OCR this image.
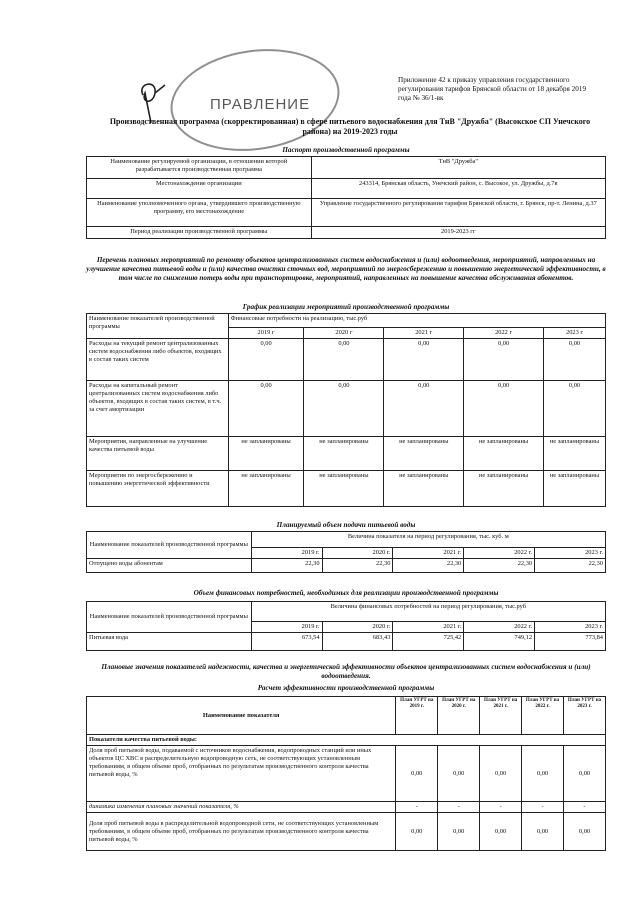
ПРАВЛЕНИЕ
Приложение 42 к приказу управления государственного регулирования тарифов Брянской области от 18 декабря 2019 года № 36/1-вк
Производственная программа (скорректированная) в сфере питьевого водоснабжения для ТнВ "Дружба" (Высокское СП Унечского района) на 2019-2023 годы
Паспорт производственной программы
Наименование регулируемой организации, в отношении которой разрабатывается производственная программа	ТнВ "Дружба"
Местонахождение организации	243314, Брянская область, Унечский район, с. Высокое, ул. Дружбы, д.7в
Наименование уполномоченного органа, утвердившего производственную программу, его местонахождение	Управление государственного регулирования тарифов Брянской области, г. Брянск, пр-т. Ленина, д.37
Период реализации производственной программы	2019-2023 гг
Перечень плановых мероприятий по ремонту объектов централизованных систем водоснабжения и (или) водоотведения, мероприятий, направленных на улучшение качества питьевой воды и (или) качества очистки сточных вод, мероприятий по энергосбережению и повышению энергетической эффективности, в том числе по снижению потерь воды при транспортировке, мероприятий, направленных на повышение качества обслуживания абонентов.
График реализации мероприятий производственной программы
Наименование показателей производственной программы	Финансовые потребности на реализацию, тыс.руб				
	2019 г	2020 г	2021 г	2022 г	2023 г
Расходы на текущий ремонт централизованных систем водоснабжения либо объектов, входящих в состав таких систем	0,00	0,00	0,00	0,00	0,00
Расходы на капитальный ремонт централизованных систем водоснабжения либо объектов, входящих в состав таких систем, в т.ч. за счет амортизации	0,00	0,00	0,00	0,00	0,00
Мероприятия, направленные на улучшение качества питьевой воды	не запланированы	не запланированы	не запланированы	не запланированы	не запланированы
Мероприятия по энергосбережению и повышению энергетической эффективности	не запланированы	не запланированы	не запланированы	не запланированы	не запланированы
Планируемый объем подачи питьевой воды
Наименование показателей производственной программы	Величина показателя на период регулирования, тыс. куб. м				
	2019 г.	2020 г.	2021 г.	2022 г.	2023 г.
Отпущено воды абонентам	22,30	22,30	22,30	22,30	22,30
Объем финансовых потребностей, необходимых для реализации производственной программы
Наименование показателей производственной программы	Величина финансовых потребностей на период регулирования, тыс.руб				
	2019 г.	2020 г.	2021 г.	2022 г.	2023 г.
Питьевая вода	673,54	683,43	725,42	749,12	773,84
Плановые значения показателей надежности, качества и энергетической эффективности объектов централизованных систем водоснабжения и (или) водоотведения.
Расчет эффективности производственной программы
Наименование показателя	План УГРТ на 2019 г.	План УГРТ на 2020 г.	План УГРТ на 2021 г.	План УГРТ на 2022 г.	План УГРТ на 2023 г.
Показатели качества питьевой воды:					
Доля проб питьевой воды, подаваемой с источников водоснабжения, водопроводных станций или иных объектов ЦС ХВС в распределительную водопроводную сеть, не соответствующих установленным требованиям, в общем объеме проб, отобранных по результатам производственного контроля качества питьевой воды, %	0,00	0,00	0,00	0,00	0,00
динамика изменения плановых значений показателя, %	-	-	-	-	-
Доля проб питьевой воды в распределительной водопроводной сети, не соответствующих установленным требованиям, в общем объеме проб, отобранных по результатам производственного контроля качества питьевой воды, %	0,00	0,00	0,00	0,00	0,00
